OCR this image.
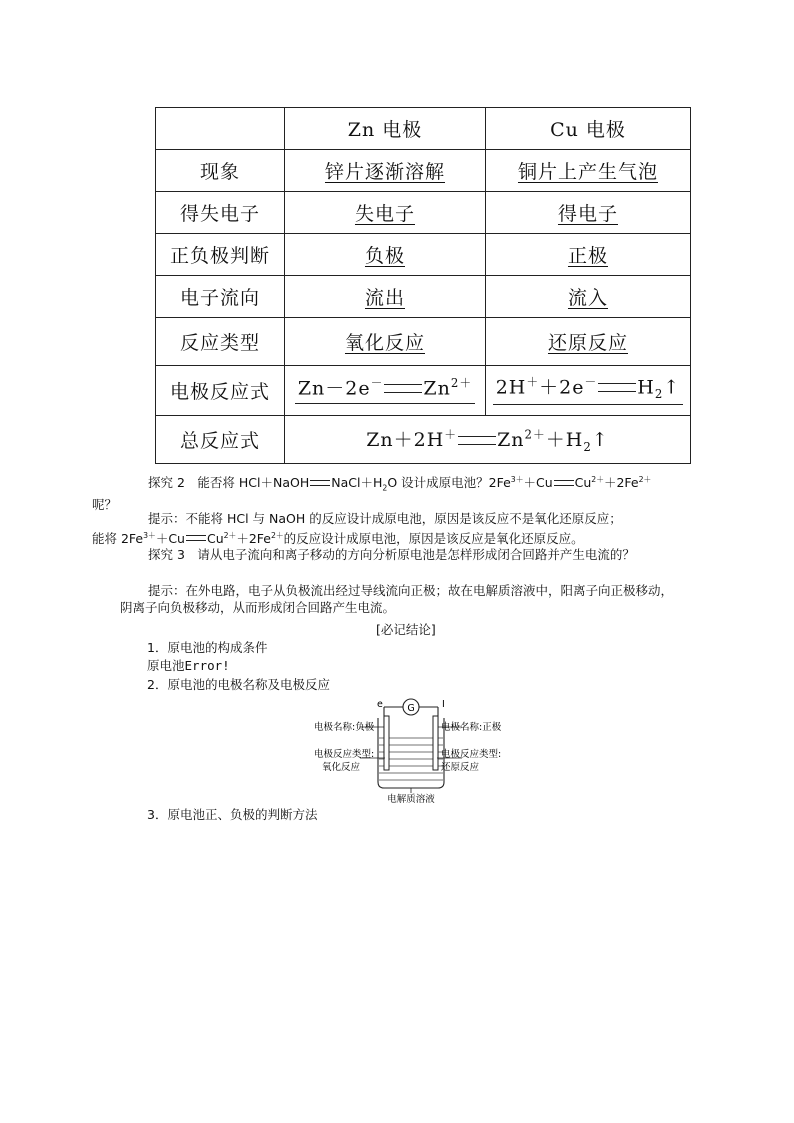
	Zn 电极	Cu 电极
现象	锌片逐渐溶解	铜片上产生气泡
得失电子	失电子	得电子
正负极判断	负极	正极
电子流向	流出	流入
反应类型	氧化反应	还原反应
电极反应式	Zn－2e－ $Zn^{2+}$	2H＋＋2e－ $H_2↑$
总反应式	Zn＋2H＋ $Zn^{2+}+H_2↑$	
探究 2　能否将 HCl＋NaOH $NaCl+H_2O$ 设计成原电池？$2Fe^{3+}+Cu$ $Cu^{2+}+2Fe^{2+}$
呢？
提示：不能将 HCl 与 NaOH 的反应设计成原电池，原因是该反应不是氧化还原反应；
能将 $2Fe^{3+}+Cu$ $Cu^{2+}+2Fe^{2+}$的反应设计成原电池，原因是该反应是氧化还原反应。
探究 3　请从电子流向和离子移动的方向分析原电池是怎样形成闭合回路并产生电流的？
提示：在外电路，电子从负极流出经过导线流向正极；故在电解质溶液中，阳离子向正极移动，阴离子向负极移动，从而形成闭合回路产生电流。
[必记结论]
1．原电池的构成条件
原电池Error!
2．原电池的电极名称及电极反应
G
e	I
电极名称:负极	电极名称:正极
电极反应类型:
氧化反应
电极反应类型:
还原反应
电解质溶液
3．原电池正、负极的判断方法
